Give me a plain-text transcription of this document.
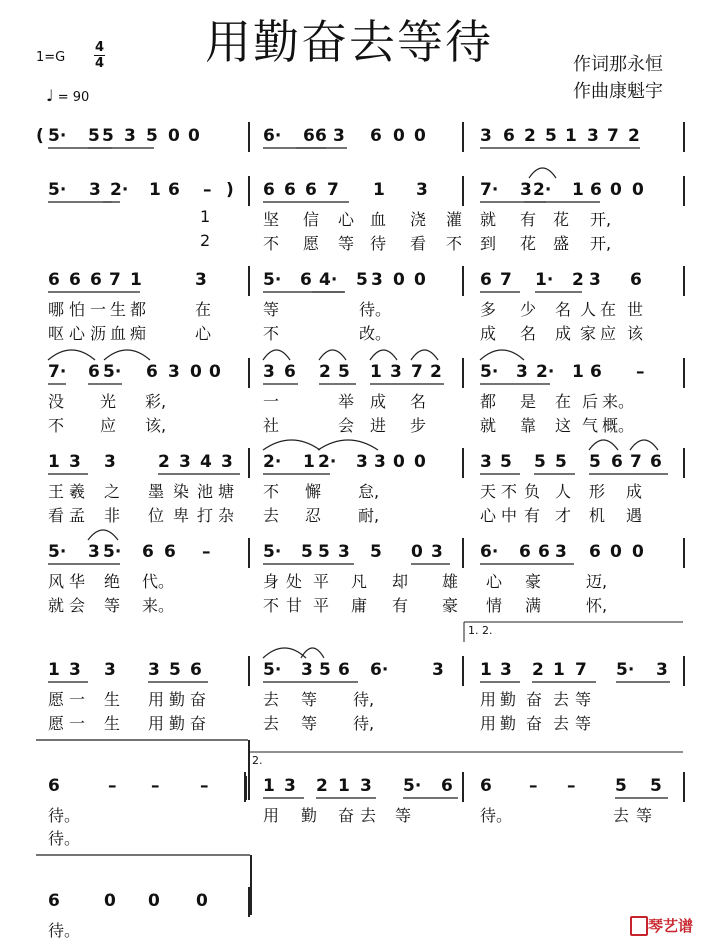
用勤奋去等待
1=G
4
4
♩ = 90
作词那永恒
作曲康魁宇
( 5· 5 5 3 5 0 0	6· 6 6 3 6 0 0	3 6 2 5 1 3 7 2
5· 3 2· 1 6 – ) 6 6 6 7 1 3	7· 3 2· 1 6 0 0
坚 信 心 血 浇 灌 就 有 花 开,
不 愿 等 待 看 不 到 花 盛 开,
6 6 6 7 1	3	5· 6 4· 5 3 0 0	6 7 1· 2 3 6
哪 怕 一 生 都	在	等	待。	多 少 名 人 在 世
呕 心 沥 血 痴	心	不	改。	成 名 成 家 应 该
7· 6 5· 6 3 0 0 3 6 2 5 1 3 7 2 5· 3 2· 1 6 –
没 光 彩,	一	举 成 名	都 是 在 后 来。
不 应 该,	社	会 进 步	就 靠 这 气 概。
1 3 3 2 3 4 3 2· 1 2· 3 3 0 0	3 5 5 5 5 6 7 6
王 羲 之 墨 染 池 塘 不 懈 怠,	天 不 负 人 形 成
看 孟 非 位 卑 打 杂 去 忍 耐,	心 中 有 才 机 遇
5· 3 5· 6 6 –	5· 5 5 3 5 0 3 6· 6 6 3 6 0 0
风 华 绝 代。	身 处 平 凡 却 雄 心 豪	迈,
就 会 等 来。	不 甘 平 庸 有 豪 情 满	怀,
1 3 3 3 5 6	5· 3 5 6 6·	3 1 3 2 1 7 5· 3
愿 一 生 用 勤 奋	去 等 待,	用 勤 奋 去 等
愿 一 生 用 勤 奋	去 等 待,	用 勤 奋 去 等
6	– – –	1 3 2 1 3 5· 6 6 – – 5 5
待。	用 勤 奋 去 等	待。	去 等
待。
6	0 0 0
待。
1
2
1. 2.
2.
琴艺谱
